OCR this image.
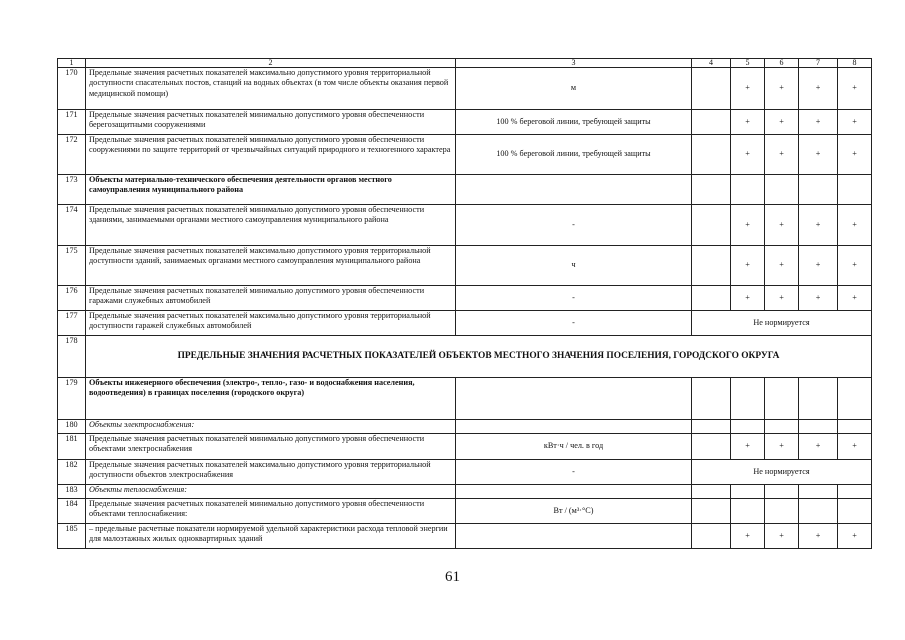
1	2	3	4	5	6	7	8
170	Предельные значения расчетных показателей максимально допустимого уровня территориальной доступности спасательных постов, станций на водных объектах (в том числе объекты оказания первой медицинской помощи)	м		+	+	+	+
171	Предельные значения расчетных показателей минимально допустимого уровня обеспеченности берегозащитными сооружениями	100 % береговой линии, требующей защиты		+	+	+	+
172	Предельные значения расчетных показателей минимально допустимого уровня обеспеченности сооружениями по защите территорий от чрезвычайных ситуаций природного и техногенного характера	100 % береговой линии, требующей защиты		+	+	+	+
173	Объекты материально-технического обеспечения деятельности органов местного самоуправления муниципального района						
174	Предельные значения расчетных показателей минимально допустимого уровня обеспеченности зданиями, занимаемыми органами местного самоуправления муниципального района	-		+	+	+	+
175	Предельные значения расчетных показателей максимально допустимого уровня территориальной доступности зданий, занимаемых органами местного самоуправления муниципального района	ч		+	+	+	+
176	Предельные значения расчетных показателей минимально допустимого уровня обеспеченности гаражами служебных автомобилей	-		+	+	+	+
177	Предельные значения расчетных показателей максимально допустимого уровня территориальной доступности гаражей служебных автомобилей	-	Не нормируется				
178	ПРЕДЕЛЬНЫЕ ЗНАЧЕНИЯ РАСЧЕТНЫХ ПОКАЗАТЕЛЕЙ ОБЪЕКТОВ МЕСТНОГО ЗНАЧЕНИЯ ПОСЕЛЕНИЯ, ГОРОДСКОГО ОКРУГА						
179	Объекты инженерного обеспечения (электро-, тепло-, газо- и водоснабжения населения, водоотведения) в границах поселения (городского округа)						
180	Объекты электроснабжения:						
181	Предельные значения расчетных показателей минимально допустимого уровня обеспеченности объектами электроснабжения	кВт·ч / чел. в год		+	+	+	+
182	Предельные значения расчетных показателей максимально допустимого уровня территориальной доступности объектов электроснабжения	-	Не нормируется				
183	Объекты теплоснабжения:						
184	Предельные значения расчетных показателей минимально допустимого уровня обеспеченности объектами теплоснабжения:	Вт / (м³·°С)					
185	– предельные расчетные показатели нормируемой удельной характеристики расхода тепловой энергии для малоэтажных жилых одноквартирных зданий			+	+	+	+
61
